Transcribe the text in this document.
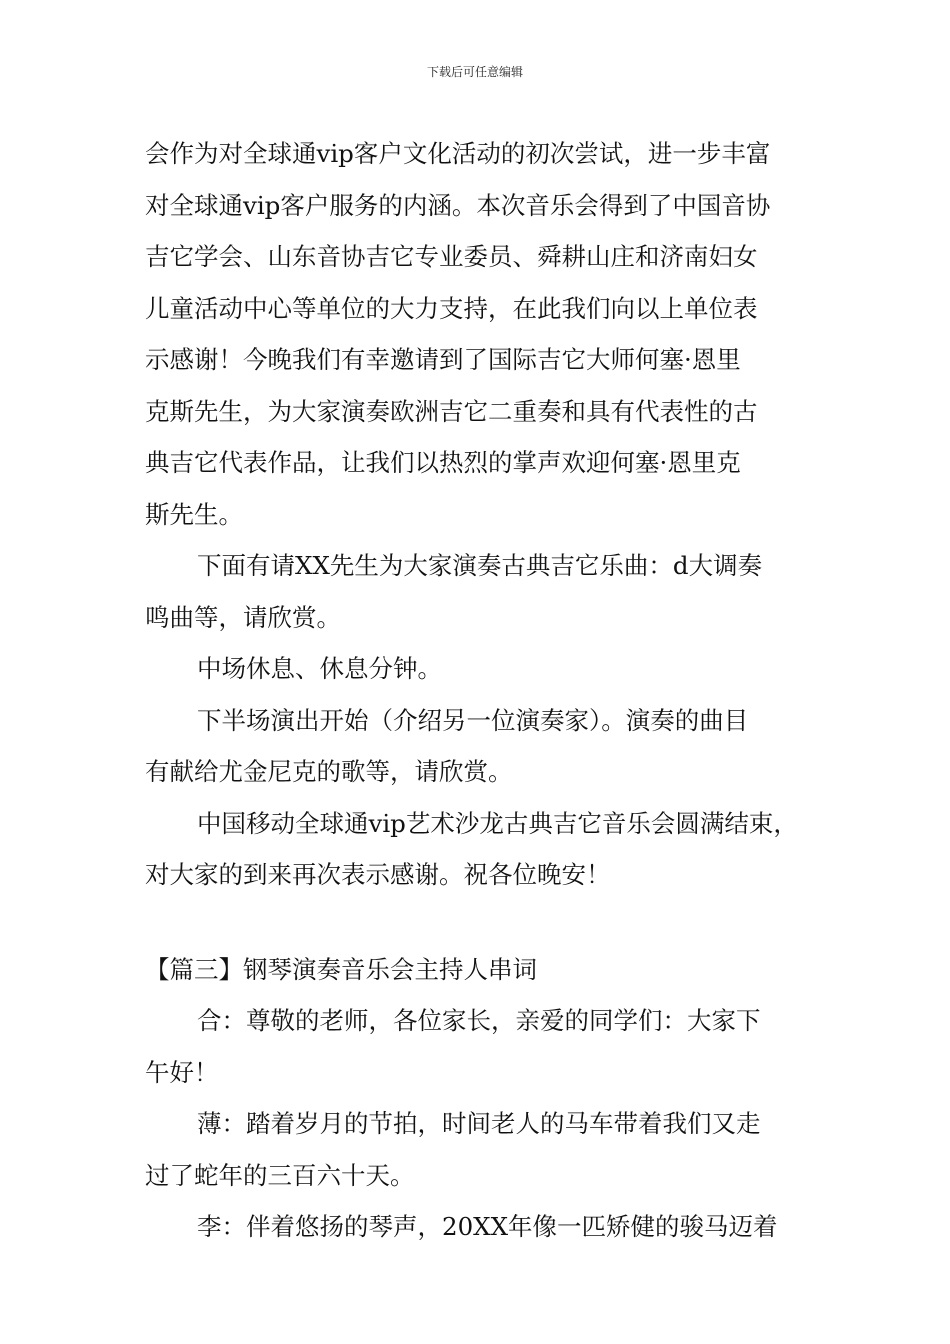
下载后可任意编辑
会作为对全球通vip客户文化活动的初次尝试，进一步丰富
对全球通vip客户服务的内涵。本次音乐会得到了中国音协
吉它学会、山东音协吉它专业委员、舜耕山庄和济南妇女
儿童活动中心等单位的大力支持，在此我们向以上单位表
示感谢！今晚我们有幸邀请到了国际吉它大师何塞·恩里
克斯先生，为大家演奏欧洲吉它二重奏和具有代表性的古
典吉它代表作品，让我们以热烈的掌声欢迎何塞·恩里克
斯先生。
下面有请XX先生为大家演奏古典吉它乐曲：d大调奏
鸣曲等，请欣赏。
中场休息、休息分钟。
下半场演出开始（介绍另一位演奏家）。演奏的曲目
有献给尤金尼克的歌等，请欣赏。
中国移动全球通vip艺术沙龙古典吉它音乐会圆满结束，
对大家的到来再次表示感谢。祝各位晚安！
【篇三】钢琴演奏音乐会主持人串词
合：尊敬的老师，各位家长，亲爱的同学们：大家下
午好！
薄：踏着岁月的节拍，时间老人的马车带着我们又走
过了蛇年的三百六十天。
李：伴着悠扬的琴声，20XX年像一匹矫健的骏马迈着
